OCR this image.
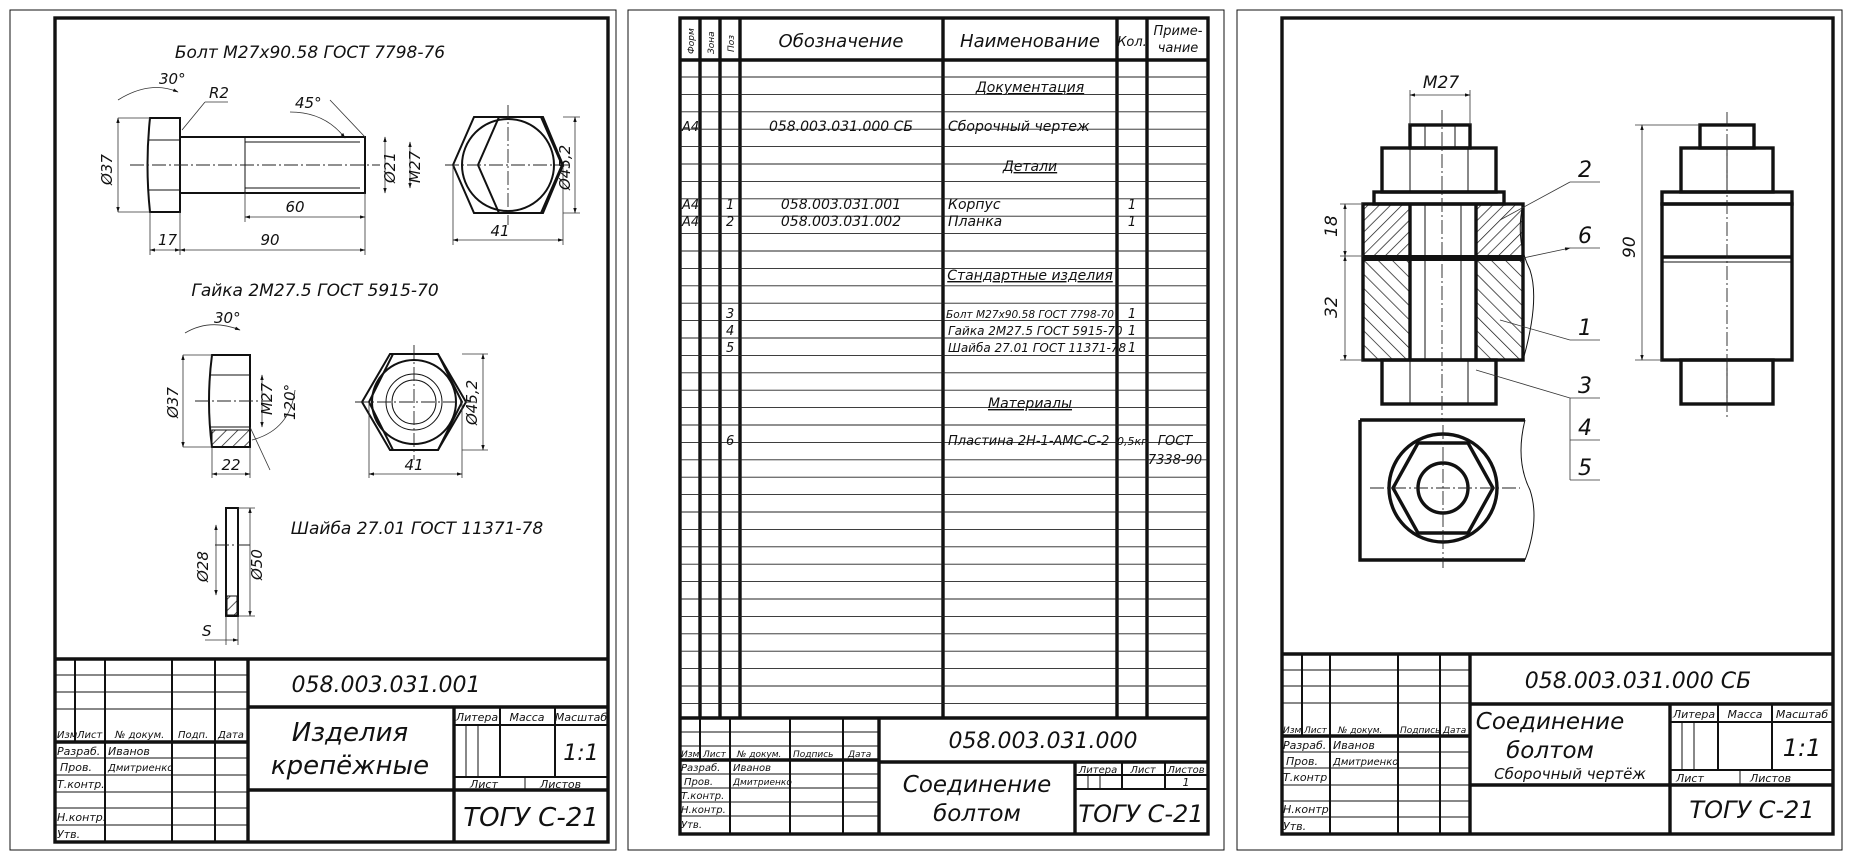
Болт М27х90.58 ГОСТ 7798-76
30°
R2
45°
Ø37	Ø21 M27
60
17	90
Ø45,2
41
Гайка 2М27.5 ГОСТ 5915-70
30°
Ø37	M27 120°
22
Ø45,2
41
Шайба 27.01 ГОСТ 11371-78
Ø28 Ø50
S
058.003.031.001
Изделия
крепёжные
Литера Масса Масштаб
1:1
Лист	Листов
ТОГУ С-21
Изм Лист № докум. Подп. Дата
Разраб. Иванов
Пров. Дмитриенко
Т.контр.
Н.контр.
Утв.
Форм Зона Поз Обозначение	Наименование Кол.
Приме-
чание
Документация
Детали
Стандартные изделия
Материалы
А4	058.003.031.000 СБ Сборочный чертеж
А4 1	058.003.031.001	Корпус	1
А4 2	058.003.031.002	Планка	1
3	Болт М27х90.58 ГОСТ 7798-70 1
4	Гайка 2М27.5 ГОСТ 5915-70 1
5	Шайба 27.01 ГОСТ 11371-78 1
6	Пластина 2Н-1-АМС-С-2 0,5кг ГОСТ
7338-90
058.003.031.000
Соединение
болтом
Литера Лист Листов
1
ТОГУ С-21
Изм Лист № докум. Подпись Дата
Разраб. Иванов
Пров. Дмитриенко
Т.контр.
Н.контр.
Утв.
M27
18
32
2
6
1
3
4
5
90
058.003.031.000 СБ
Соединение
болтом
Сборочный чертёж
Литера Масса Масштаб
1:1
Лист	Листов
ТОГУ С-21
Изм Лист № докум. Подпись Дата
Разраб. Иванов
Пров. Дмитриенко
Т.контр
Н.контр
Утв.
